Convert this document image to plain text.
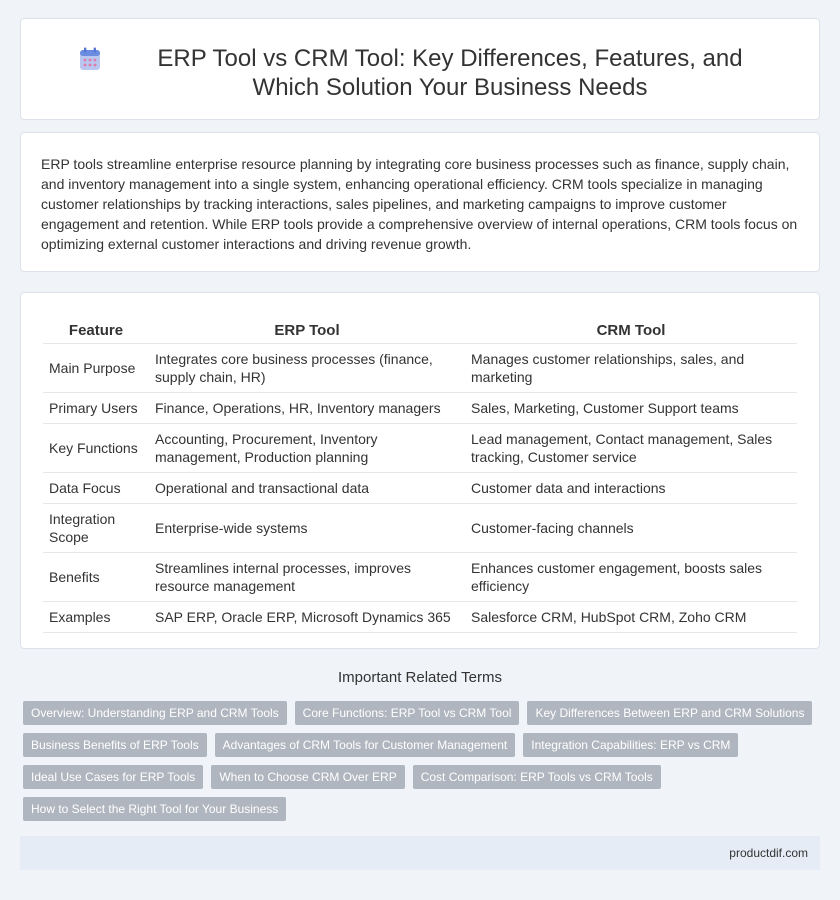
ERP Tool vs CRM Tool: Key Differences, Features, and Which Solution Your Business Needs

ERP tools streamline enterprise resource planning by integrating core business processes such as finance, supply chain, and inventory management into a single system, enhancing operational efficiency. CRM tools specialize in managing customer relationships by tracking interactions, sales pipelines, and marketing campaigns to improve customer engagement and retention. While ERP tools provide a comprehensive overview of internal operations, CRM tools focus on optimizing external customer interactions and driving revenue growth.

Feature	ERP Tool	CRM Tool
Main Purpose	Integrates core business processes (finance, supply chain, HR)	Manages customer relationships, sales, and marketing
Primary Users	Finance, Operations, HR, Inventory managers	Sales, Marketing, Customer Support teams
Key Functions	Accounting, Procurement, Inventory management, Production planning	Lead management, Contact management, Sales tracking, Customer service
Data Focus	Operational and transactional data	Customer data and interactions
Integration Scope	Enterprise-wide systems	Customer-facing channels
Benefits	Streamlines internal processes, improves resource management	Enhances customer engagement, boosts sales efficiency
Examples	SAP ERP, Oracle ERP, Microsoft Dynamics 365	Salesforce CRM, HubSpot CRM, Zoho CRM
Important Related Terms
Overview: Understanding ERP and CRM Tools	Core Functions: ERP Tool vs CRM Tool	Key Differences Between ERP and CRM Solutions
Business Benefits of ERP Tools	Advantages of CRM Tools for Customer Management	Integration Capabilities: ERP vs CRM
Ideal Use Cases for ERP Tools	When to Choose CRM Over ERP	Cost Comparison: ERP Tools vs CRM Tools
How to Select the Right Tool for Your Business
productdif.com
